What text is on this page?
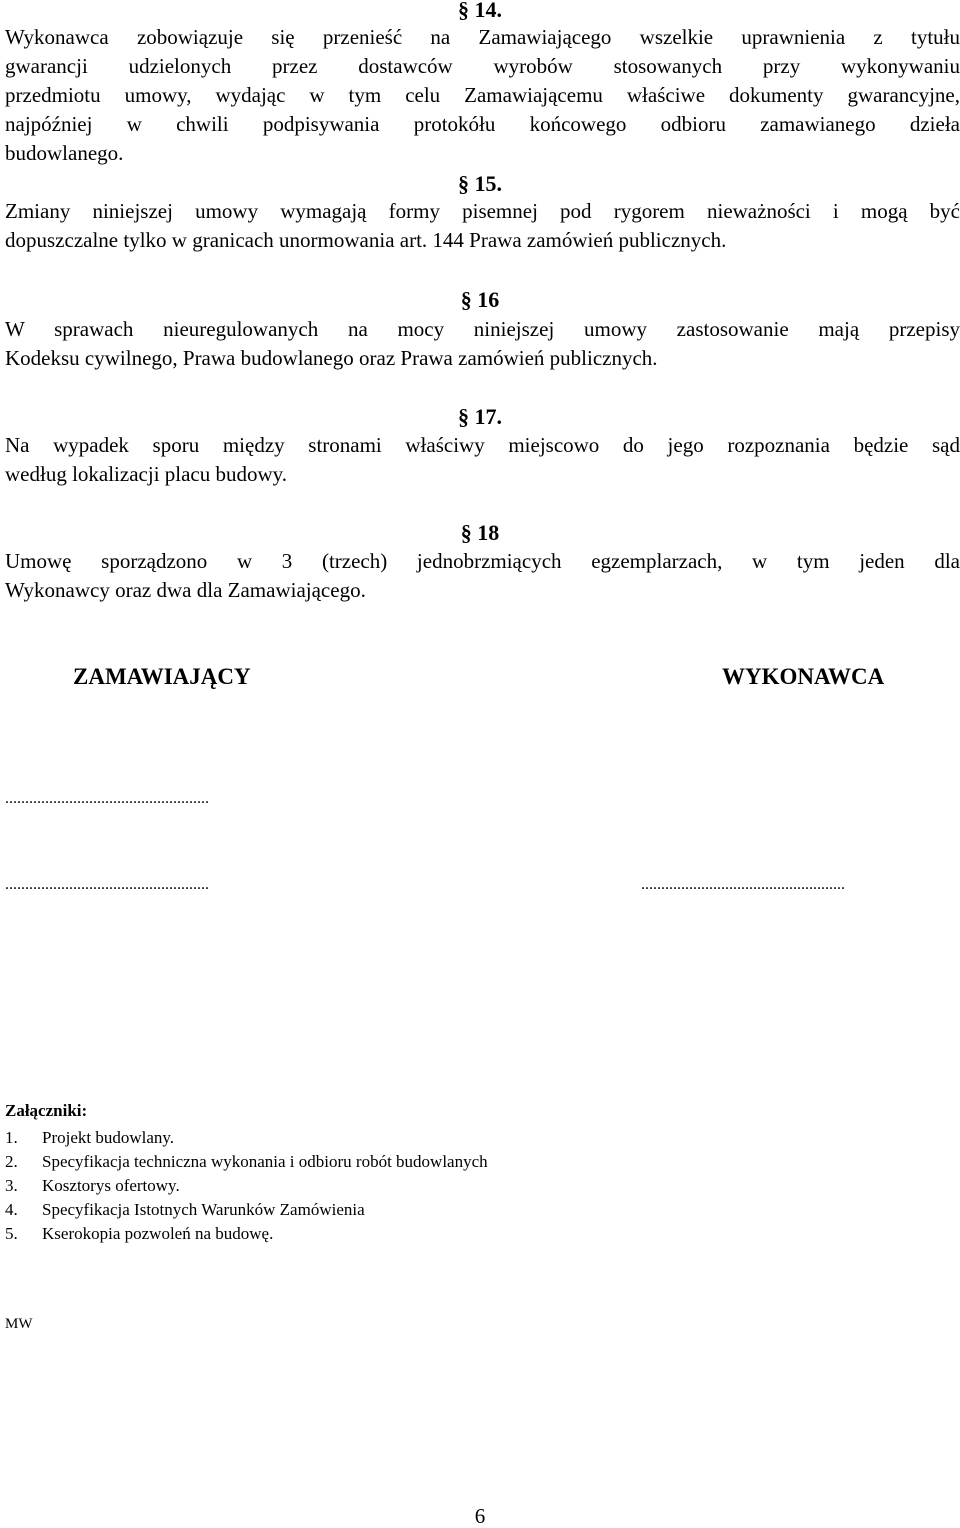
§ 14.
Wykonawca zobowiązuje się przenieść na Zamawiającego wszelkie uprawnienia z tytułu
gwarancji udzielonych przez dostawców wyrobów stosowanych przy wykonywaniu
przedmiotu umowy, wydając w tym celu Zamawiającemu właściwe dokumenty gwarancyjne,
najpóźniej w chwili podpisywania protokółu końcowego odbioru zamawianego dzieła
budowlanego.
§ 15.
Zmiany niniejszej umowy wymagają formy pisemnej pod rygorem nieważności i mogą być
dopuszczalne tylko w granicach unormowania art. 144 Prawa zamówień publicznych.
§ 16
W sprawach nieuregulowanych na mocy niniejszej umowy zastosowanie mają przepisy
Kodeksu cywilnego, Prawa budowlanego oraz Prawa zamówień publicznych.
§ 17.
Na wypadek sporu między stronami właściwy miejscowo do jego rozpoznania będzie sąd
według lokalizacji placu budowy.
§ 18
Umowę sporządzono w 3 (trzech) jednobrzmiących egzemplarzach, w tym jeden dla
Wykonawcy oraz dwa dla Zamawiającego.
ZAMAWIAJĄCY	WYKONAWCA
...................................................
...................................................	...................................................
Załączniki:
1.	Projekt budowlany.
2.	Specyfikacja techniczna wykonania i odbioru robót budowlanych
3.	Kosztorys ofertowy.
4.	Specyfikacja Istotnych Warunków Zamówienia
5.	Kserokopia pozwoleń na budowę.
MW
6
